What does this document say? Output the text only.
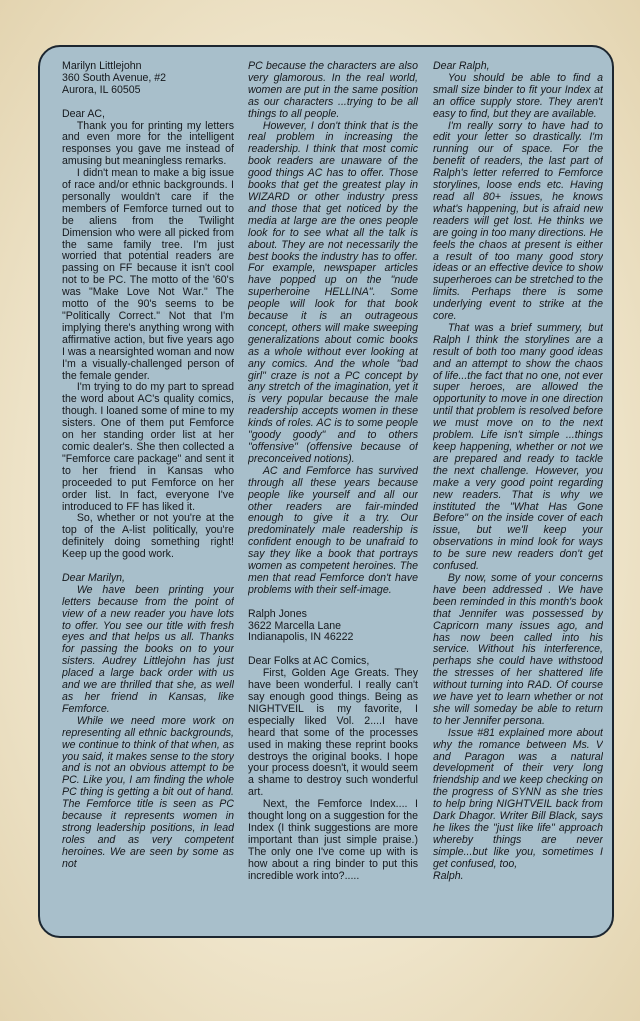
Marilyn Littlejohn

360 South Avenue, #2

Aurora, IL 60505

Dear AC,

Thank you for printing my letters and even more for the intelligent responses you gave me instead of amusing but meaningless remarks.

I didn't mean to make a big issue of race and/or ethnic backgrounds. I personally wouldn't care if the members of Femforce turned out to be aliens from the Twilight Dimension who were all picked from the same family tree. I'm just worried that potential readers are passing on FF because it isn't cool not to be PC. The motto of the '60's was "Make Love Not War." The motto of the 90's seems to be "Politically Correct." Not that I'm implying there's anything wrong with affirmative action, but five years ago I was a nearsighted woman and now I'm a visually-challenged person of the female gender.

I'm trying to do my part to spread the word about AC's quality comics, though. I loaned some of mine to my sisters. One of them put Femforce on her standing order list at her comic dealer's. She then collected a "Femforce care package" and sent it to her friend in Kansas who proceeded to put Femforce on her order list. In fact, everyone I've introduced to FF has liked it.

So, whether or not you're at the top of the A-list politically, you're definitely doing something right! Keep up the good work.

Dear Marilyn,

We have been printing your letters because from the point of view of a new reader you have lots to offer. You see our title with fresh eyes and that helps us all. Thanks for passing the books on to your sisters. Audrey Littlejohn has just placed a large back order with us and we are thrilled that she, as well as her friend in Kansas, like Femforce.

While we need more work on representing all ethnic backgrounds, we continue to think of that when, as you said, it makes sense to the story and is not an obvious attempt to be PC. Like you, I am finding the whole PC thing is getting a bit out of hand. The Femforce title is seen as PC because it represents women in strong leadership positions, in lead roles and as very competent heroines. We are seen by some as not

PC because the characters are also very glamorous. In the real world, women are put in the same position as our characters ...trying to be all things to all people.

However, I don't think that is the real problem in increasing the readership. I think that most comic book readers are unaware of the good things AC has to offer. Those books that get the greatest play in WIZARD or other industry press and those that get noticed by the media at large are the ones people look for to see what all the talk is about. They are not necessarily the best books the industry has to offer. For example, newspaper articles have popped up on the "nude superheroine HELLINA". Some people will look for that book because it is an outrageous concept, others will make sweeping generalizations about comic books as a whole without ever looking at any comics. And the whole "bad girl" craze is not a PC concept by any stretch of the imagination, yet it is very popular because the male readership accepts women in these kinds of roles. AC is to some people "goody goody" and to others "offensive" (offensive because of preconceived notions).

AC and Femforce has survived through all these years because people like yourself and all our other readers are fair-minded enough to give it a try. Our predominately male readership is confident enough to be unafraid to say they like a book that portrays women as competent heroines. The men that read Femforce don't have problems with their self-image.

Ralph Jones

3622 Marcella Lane

Indianapolis, IN 46222

Dear Folks at AC Comics,

First, Golden Age Greats. They have been wonderful. I really can't say enough good things. Being as NIGHTVEIL is my favorite, I especially liked Vol. 2....I have heard that some of the processes used in making these reprint books destroys the original books. I hope your process doesn't, it would seem a shame to destroy such wonderful art.

Next, the Femforce Index.... I thought long on a suggestion for the Index (I think suggestions are more important than just simple praise.) The only one I've come up with is how about a ring binder to put this incredible work into?.....

Dear Ralph,

You should be able to find a small size binder to fit your Index at an office supply store. They aren't easy to find, but they are available.

I'm really sorry to have had to edit your letter so drastically. I'm running our of space. For the benefit of readers, the last part of Ralph's letter referred to Femforce storylines, loose ends etc. Having read all 80+ issues, he knows what's happening, but is afraid new readers will get lost. He thinks we are going in too many directions. He feels the chaos at present is either a result of too many good story ideas or an effective device to show superheroes can be stretched to the limits. Perhaps there is some underlying event to strike at the core.

That was a brief summery, but Ralph I think the storylines are a result of both too many good ideas and an attempt to show the chaos of life...the fact that no one, not ever super heroes, are allowed the opportunity to move in one direction until that problem is resolved before we must move on to the next problem. Life isn't simple ...things keep happening, whether or not we are prepared and ready to tackle the next challenge. However, you make a very good point regarding new readers. That is why we instituted the "What Has Gone Before" on the inside cover of each issue, but we'll keep your observations in mind look for ways to be sure new readers don't get confused.

By now, some of your concerns have been addressed . We have been reminded in this month's book that Jennifer was possessed by Capricorn many issues ago, and has now been called into his service. Without his interference, perhaps she could have withstood the stresses of her shattered life without turning into RAD. Of course we have yet to learn whether or not she will someday be able to return to her Jennifer persona.

Issue #81 explained more about why the romance between Ms. V and Paragon was a natural development of their very long friendship and we keep checking on the progress of SYNN as she tries to help bring NIGHTVEIL back from Dark Dhagor. Writer Bill Black, says he likes the "just like life" approach whereby things are never simple...but like you, sometimes I get confused, too,

Ralph.
